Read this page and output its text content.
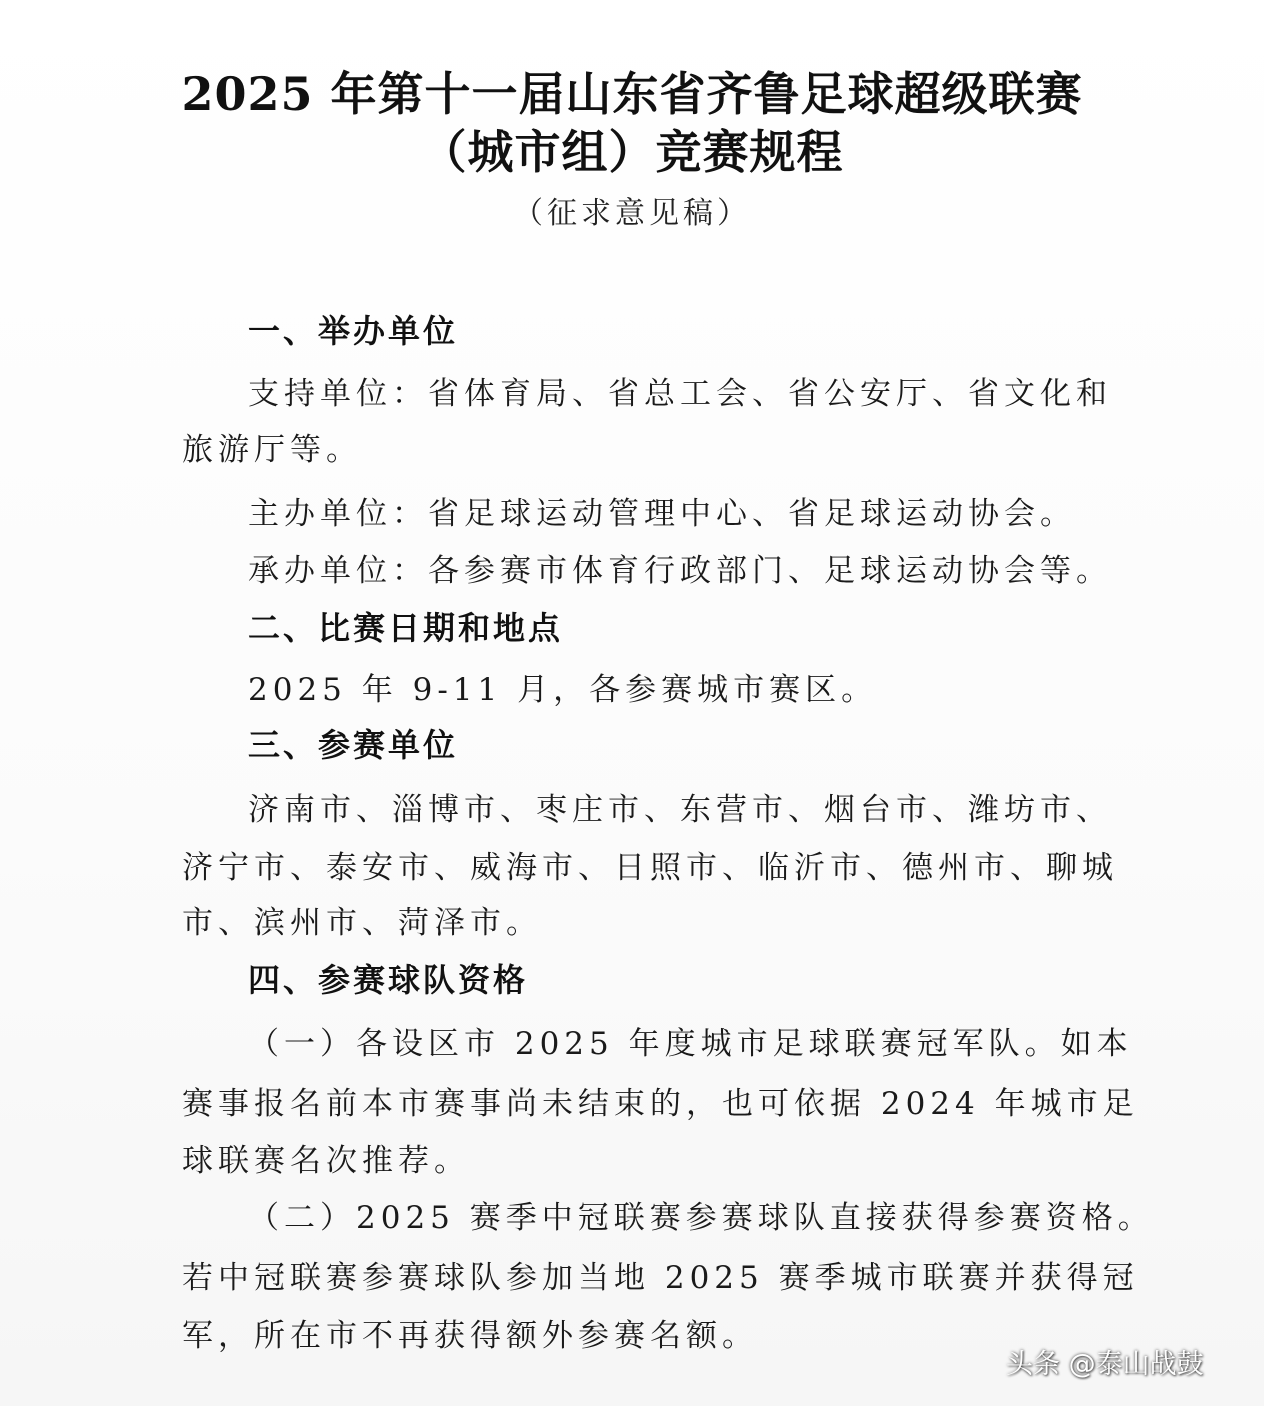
2025 年第十一届山东省齐鲁足球超级联赛
（城市组）竞赛规程
（征求意见稿）
一、举办单位
支持单位：省体育局、省总工会、省公安厅、省文化和
旅游厅等。
主办单位：省足球运动管理中心、省足球运动协会。
承办单位：各参赛市体育行政部门、足球运动协会等。
二、比赛日期和地点
2025 年 9-11 月，各参赛城市赛区。
三、参赛单位
济南市、淄博市、枣庄市、东营市、烟台市、潍坊市、
济宁市、泰安市、威海市、日照市、临沂市、德州市、聊城
市、滨州市、菏泽市。
四、参赛球队资格
（一）各设区市 2025 年度城市足球联赛冠军队。如本
赛事报名前本市赛事尚未结束的，也可依据 2024 年城市足
球联赛名次推荐。
（二）2025 赛季中冠联赛参赛球队直接获得参赛资格。
若中冠联赛参赛球队参加当地 2025 赛季城市联赛并获得冠
军，所在市不再获得额外参赛名额。
头条 @泰山战鼓
